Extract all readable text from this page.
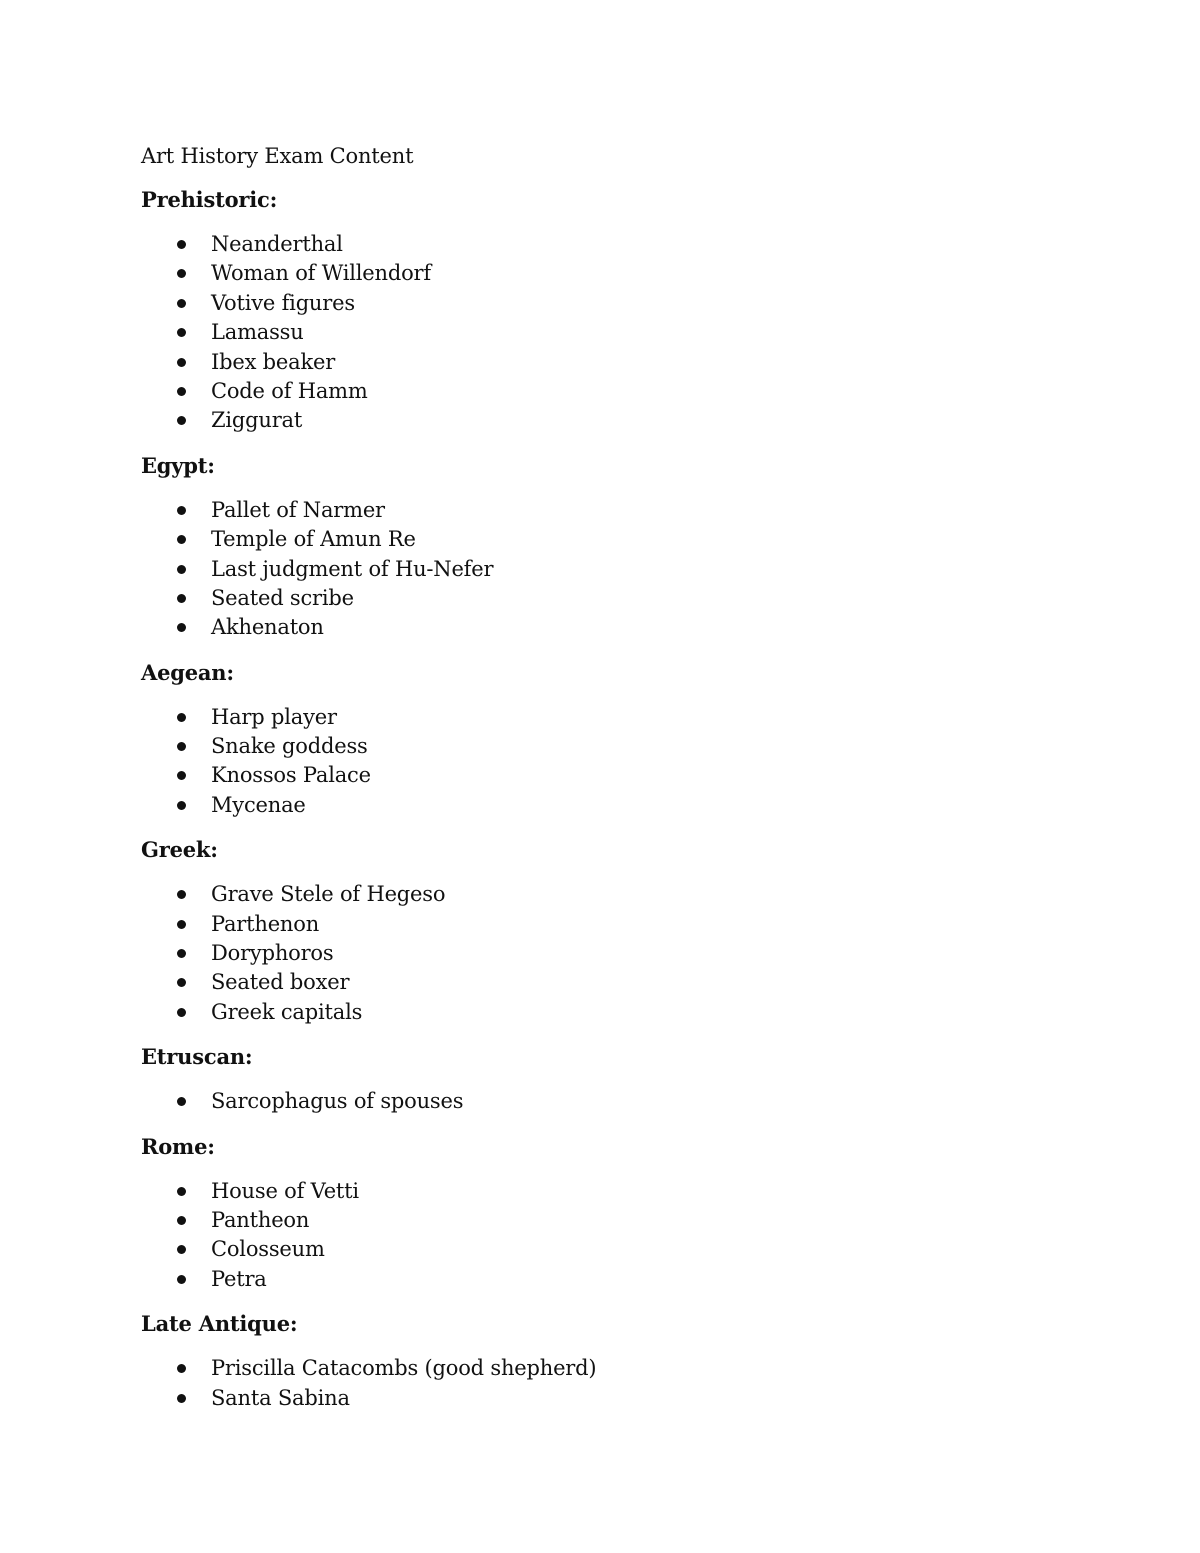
Art History Exam Content
Prehistoric:
Neanderthal
Woman of Willendorf
Votive figures
Lamassu
Ibex beaker
Code of Hamm
Ziggurat
Egypt:
Pallet of Narmer
Temple of Amun Re
Last judgment of Hu-Nefer
Seated scribe
Akhenaton
Aegean:
Harp player
Snake goddess
Knossos Palace
Mycenae
Greek:
Grave Stele of Hegeso
Parthenon
Doryphoros
Seated boxer
Greek capitals
Etruscan:
Sarcophagus of spouses
Rome:
House of Vetti
Pantheon
Colosseum
Petra
Late Antique:
Priscilla Catacombs (good shepherd)
Santa Sabina
